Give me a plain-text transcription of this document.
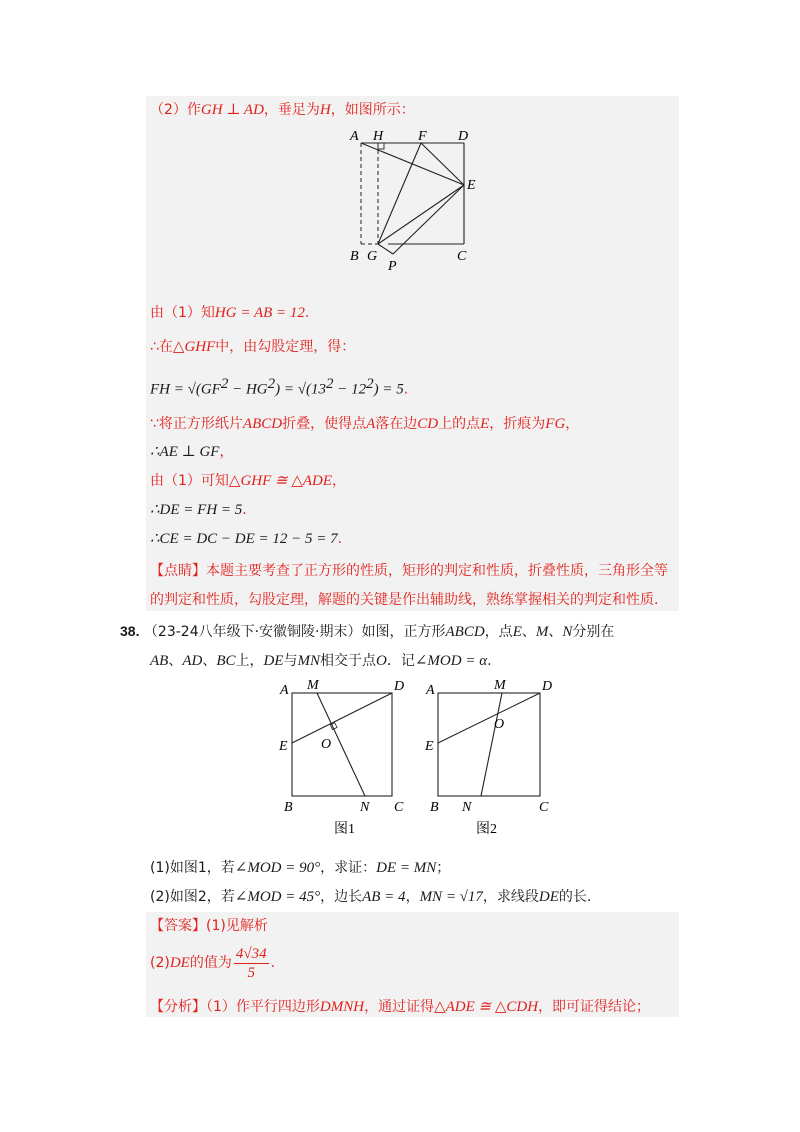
（2）作GH ⊥ AD，垂足为H，如图所示：
A H F D
E
B G
P
C
由（1）知HG = AB = 12.
∴在△GHF中，由勾股定理，得：
FH = $√(GF^2 - HG^2) = √(13^2 - 12^2) = 5$.
∵将正方形纸片ABCD折叠，使得点A落在边CD上的点E，折痕为FG，
∴AE ⊥ GF，
由（1）可知△GHF ≅ △ADE，
∴DE = FH = 5.
∴CE = DC − DE = 12 − 5 = 7.
【点睛】本题主要考查了正方形的性质，矩形的判定和性质，折叠性质，三角形全等
的判定和性质，勾股定理，解题的关键是作出辅助线，熟练掌握相关的判定和性质.
38. （23-24八年级下·安徽铜陵·期末）如图，正方形ABCD，点E、M、N分别在
AB、AD、BC上，DE与MN相交于点O．记∠MOD = α.
A M	D
E O
B	N C
图1
A	M	D
E
O
B N	C
图2
(1)如图1，若∠MOD = 90°，求证：DE = MN；
(2)如图2，若∠MOD = 45°，边长AB = 4，MN = √17，求线段DE的长.
【答案】(1)见解析
(2)DE的值为 $\frac{4√34}{5}$ .
【分析】（1）作平行四边形DMNH，通过证得△ADE ≅ △CDH，即可证得结论；
